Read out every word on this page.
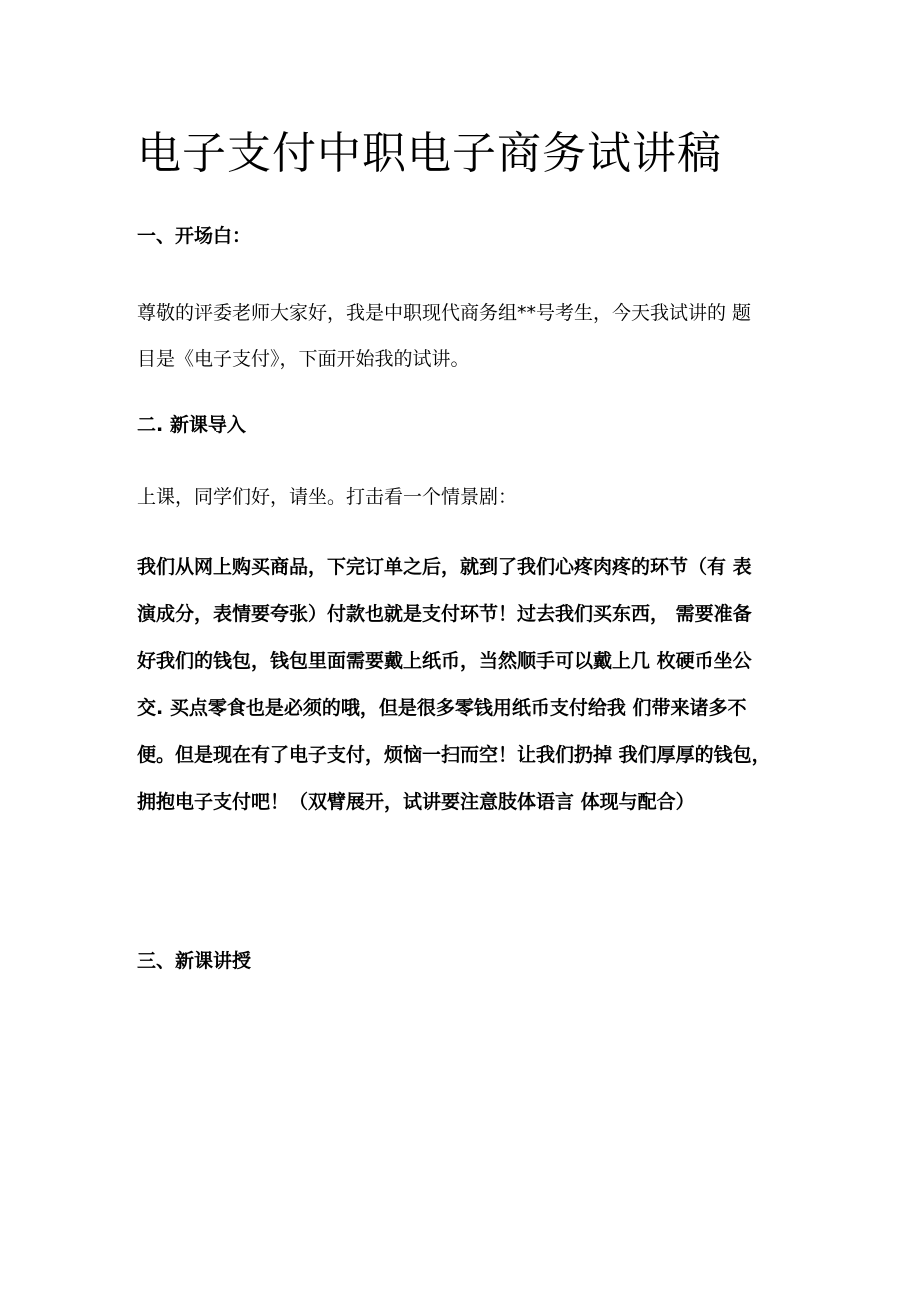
电子支付中职电子商务试讲稿
一、开场白：
尊敬的评委老师大家好，我是中职现代商务组**号考生，今天我试讲的 题
目是《电子支付》，下面开始我的试讲。
二. 新课导入
上课，同学们好，请坐。打击看一个情景剧：
我们从网上购买商品，下完订单之后，就到了我们心疼肉疼的环节（有 表
演成分，表情要夸张）付款也就是支付环节！过去我们买东西， 需要准备
好我们的钱包，钱包里面需要戴上纸币，当然顺手可以戴上几 枚硬币坐公
交. 买点零食也是必须的哦，但是很多零钱用纸币支付给我 们带来诸多不
便。但是现在有了电子支付，烦恼一扫而空！让我们扔掉 我们厚厚的钱包，
拥抱电子支付吧！（双臂展开，试讲要注意肢体语言 体现与配合）
三、新课讲授
